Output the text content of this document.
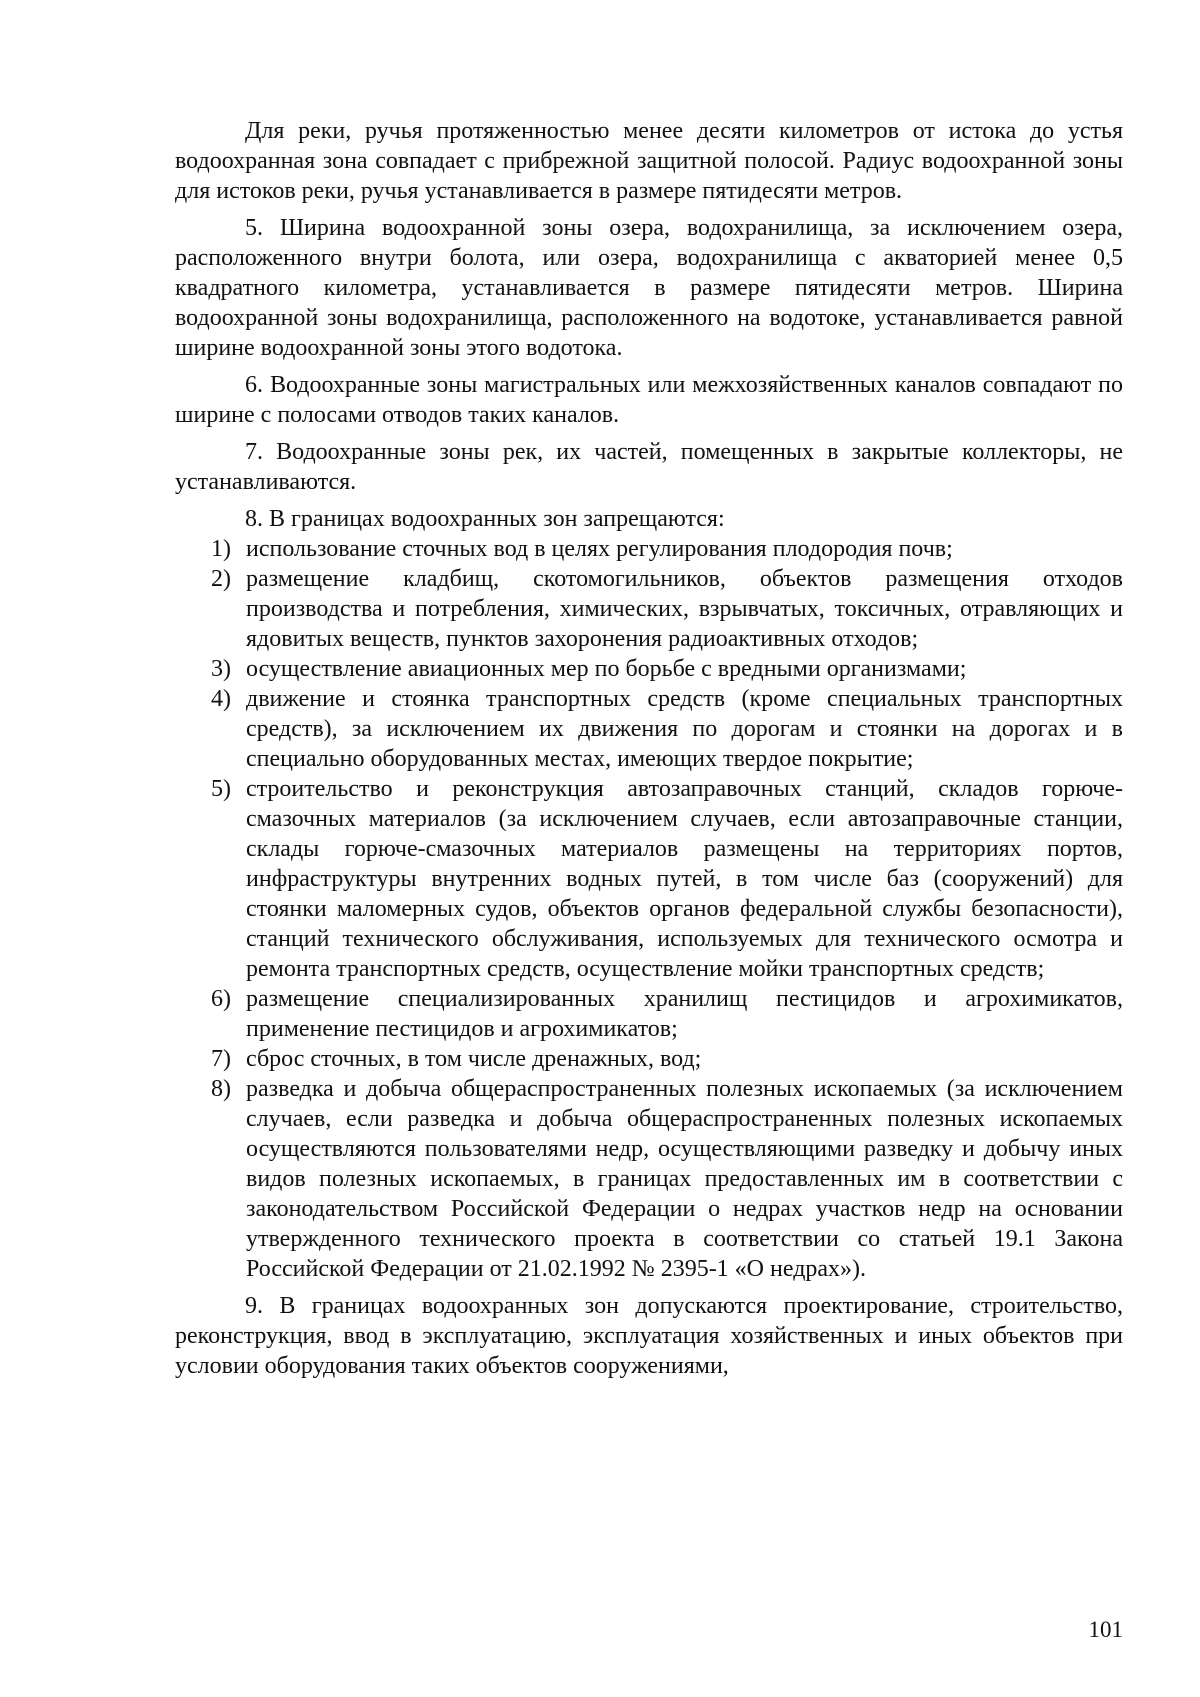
Для реки, ручья протяженностью менее десяти километров от истока до устья водоохранная зона совпадает с прибрежной защитной полосой. Радиус водоохранной зоны для истоков реки, ручья устанавливается в размере пятидесяти метров.

5. Ширина водоохранной зоны озера, водохранилища, за исключением озера, расположенного внутри болота, или озера, водохранилища с акваторией менее 0,5 квадратного километра, устанавливается в размере пятидесяти метров. Ширина водоохранной зоны водохранилища, расположенного на водотоке, устанавливается равной ширине водоохранной зоны этого водотока.

6. Водоохранные зоны магистральных или межхозяйственных каналов совпадают по ширине с полосами отводов таких каналов.

7. Водоохранные зоны рек, их частей, помещенных в закрытые коллекторы, не устанавливаются.

8. В границах водоохранных зон запрещаются:

1) использование сточных вод в целях регулирования плодородия почв;
2) размещение кладбищ, скотомогильников, объектов размещения отходов производства и потребления, химических, взрывчатых, токсичных, отравляющих и ядовитых веществ, пунктов захоронения радиоактивных отходов;
3) осуществление авиационных мер по борьбе с вредными организмами;
4) движение и стоянка транспортных средств (кроме специальных транспортных средств), за исключением их движения по дорогам и стоянки на дорогах и в специально оборудованных местах, имеющих твердое покрытие;
5) строительство и реконструкция автозаправочных станций, складов горюче-смазочных материалов (за исключением случаев, если автозаправочные станции, склады горюче-смазочных материалов размещены на территориях портов, инфраструктуры внутренних водных путей, в том числе баз (сооружений) для стоянки маломерных судов, объектов органов федеральной службы безопасности), станций технического обслуживания, используемых для технического осмотра и ремонта транспортных средств, осуществление мойки транспортных средств;
6) размещение специализированных хранилищ пестицидов и агрохимикатов, применение пестицидов и агрохимикатов;
7) сброс сточных, в том числе дренажных, вод;
8) разведка и добыча общераспространенных полезных ископаемых (за исключением случаев, если разведка и добыча общераспространенных полезных ископаемых осуществляются пользователями недр, осуществляющими разведку и добычу иных видов полезных ископаемых, в границах предоставленных им в соответствии с законодательством Российской Федерации о недрах участков недр на основании утвержденного технического проекта в соответствии со статьей 19.1 Закона Российской Федерации от 21.02.1992 № 2395-1 «О недрах»).

9. В границах водоохранных зон допускаются проектирование, строительство, реконструкция, ввод в эксплуатацию, эксплуатация хозяйственных и иных объектов при условии оборудования таких объектов сооружениями,

101
